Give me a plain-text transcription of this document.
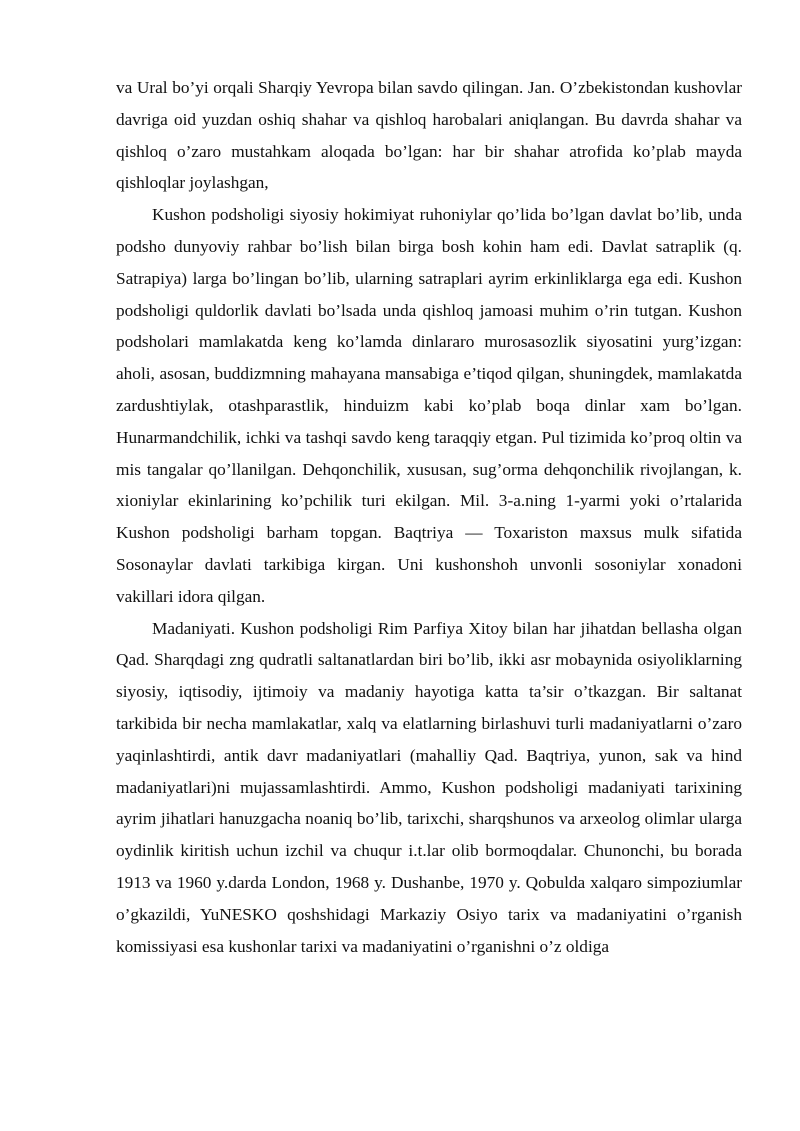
va Ural bo’yi orqali Sharqiy Yevropa bilan savdo qilingan. Jan. O’zbekistondan kushovlar davriga oid yuzdan oshiq shahar va qishloq harobalari aniqlangan. Bu davrda shahar va qishloq o’zaro mustahkam aloqada bo’lgan: har bir shahar atrofida ko’plab mayda qishloqlar joylashgan,

Kushon podsholigi siyosiy hokimiyat ruhoniylar qo’lida bo’lgan davlat bo’lib, unda podsho dunyoviy rahbar bo’lish bilan birga bosh kohin ham edi. Davlat satraplik (q. Satrapiya) larga bo’lingan bo’lib, ularning satraplari ayrim erkinliklarga ega edi. Kushon podsholigi quldorlik davlati bo’lsada unda qishloq jamoasi muhim o’rin tutgan. Kushon podsholari mamlakatda keng ko’lamda dinlararo murosasozlik siyosatini yurg’izgan: aholi, asosan, buddizmning mahayana mansabiga e’tiqod qilgan, shuningdek, mamlakatda zardushtiylak, otashparastlik, hinduizm kabi ko’plab boqa dinlar xam bo’lgan. Hunarmandchilik, ichki va tashqi savdo keng taraqqiy etgan. Pul tizimida ko’proq oltin va mis tangalar qo’llanilgan. Dehqonchilik, xususan, sug’orma dehqonchilik rivojlangan, k. xioniylar ekinlarining ko’pchilik turi ekilgan. Mil. 3-a.ning 1-yarmi yoki o’rtalarida Kushon podsholigi barham topgan. Baqtriya — Toxariston maxsus mulk sifatida Sosonaylar davlati tarkibiga kirgan. Uni kushonshoh unvonli sosoniylar xonadoni vakillari idora qilgan.

Madaniyati. Kushon podsholigi Rim Parfiya Xitoy bilan har jihatdan bellasha olgan Qad. Sharqdagi zng qudratli saltanatlardan biri bo’lib, ikki asr mobaynida osiyoliklarning siyosiy, iqtisodiy, ijtimoiy va madaniy hayotiga katta ta’sir o’tkazgan. Bir saltanat tarkibida bir necha mamlakatlar, xalq va elatlarning birlashuvi turli madaniyatlarni o’zaro yaqinlashtirdi, antik davr madaniyatlari (mahalliy Qad. Baqtriya, yunon, sak va hind madaniyatlari)ni mujassamlashtirdi. Ammo, Kushon podsholigi madaniyati tarixining ayrim jihatlari hanuzgacha noaniq bo’lib, tarixchi, sharqshunos va arxeolog olimlar ularga oydinlik kiritish uchun izchil va chuqur i.t.lar olib bormoqdalar. Chunonchi, bu borada 1913 va 1960 y.darda London, 1968 y. Dushanbe, 1970 y. Qobulda xalqaro simpoziumlar o’gkazildi, YuNESKO qoshshidagi Markaziy Osiyo tarix va madaniyatini o’rganish komissiyasi esa kushonlar tarixi va madaniyatini o’rganishni o’z oldiga
